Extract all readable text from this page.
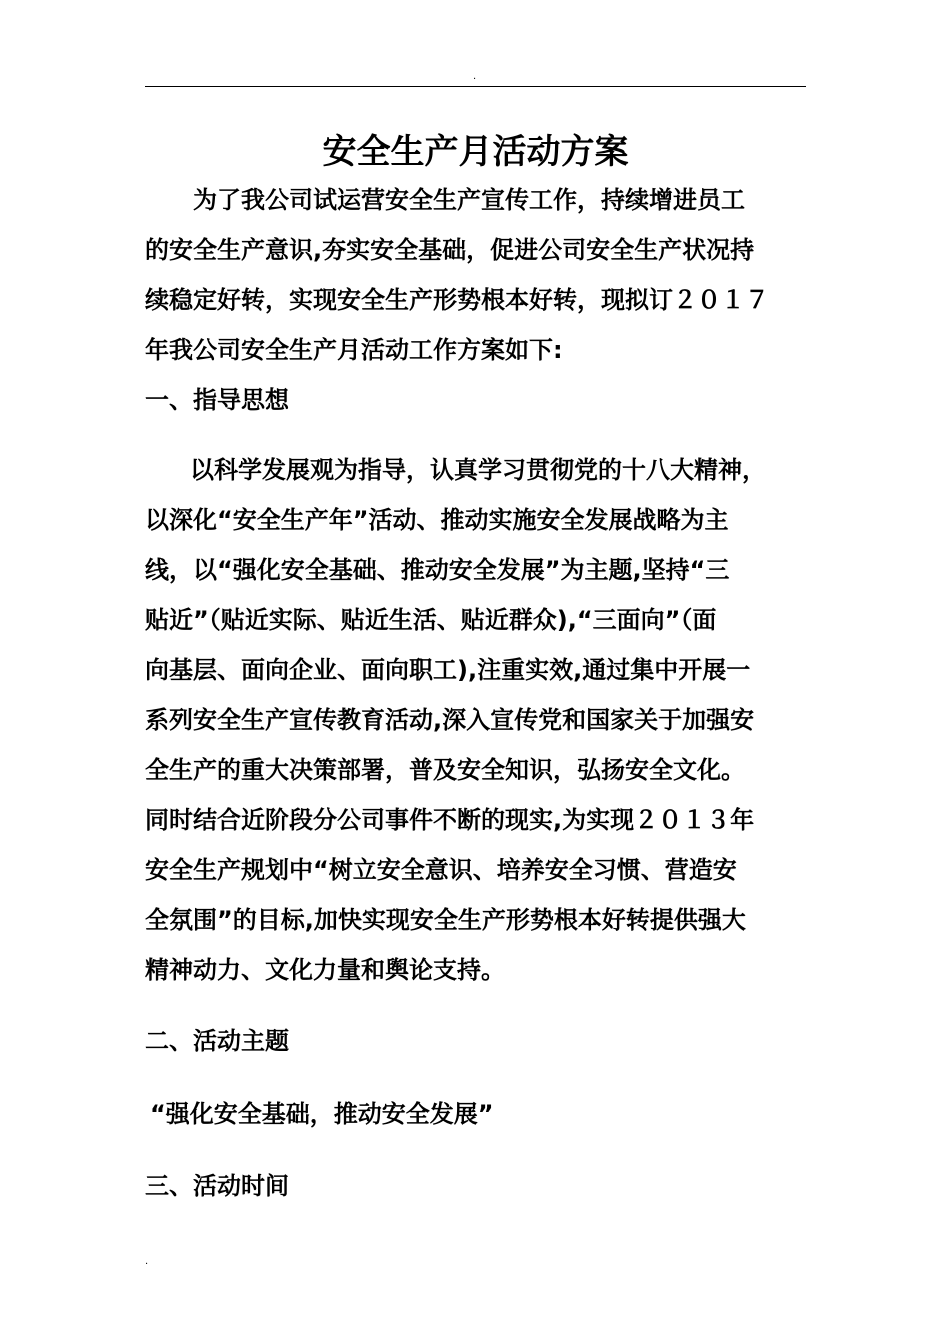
.
安全生产月活动方案

为了我公司试运营安全生产宣传工作，持续增进员工

的安全生产意识,夯实安全基础，促进公司安全生产状况持

续稳定好转，实现安全生产形势根本好转，现拟订２０１７

年我公司安全生产月活动工作方案如下:

一、指导思想

以科学发展观为指导，认真学习贯彻党的十八大精神，

以深化“安全生产年”活动、推动实施安全发展战略为主

线，以“强化安全基础、推动安全发展”为主题,坚持“三

贴近”（贴近实际、贴近生活、贴近群众),“三面向”（面

向基层、面向企业、面向职工),注重实效,通过集中开展一

系列安全生产宣传教育活动,深入宣传党和国家关于加强安

全生产的重大决策部署，普及安全知识，弘扬安全文化。

同时结合近阶段分公司事件不断的现实,为实现２０１３年

安全生产规划中“树立安全意识、培养安全习惯、营造安

全氛围”的目标,加快实现安全生产形势根本好转提供强大

精神动力、文化力量和舆论支持。

二、活动主题

“强化安全基础，推动安全发展”

三、活动时间

.
